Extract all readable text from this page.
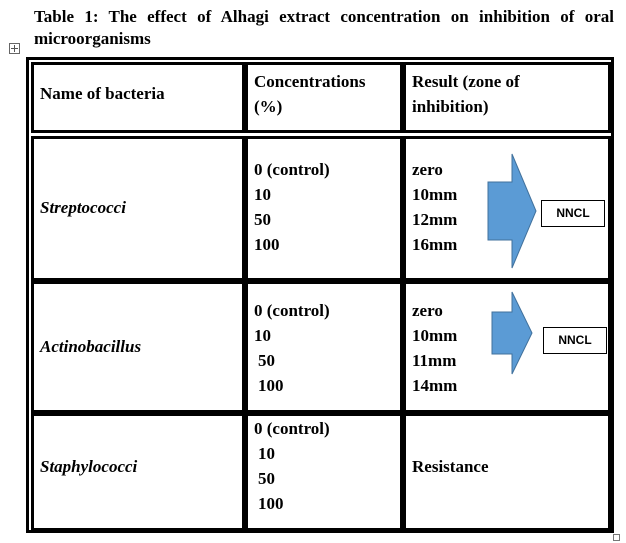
Table 1: The effect of Alhagi extract concentration on inhibition of oral
microorganisms
Name of bacteria
Concentrations
(%)
Result (zone of
inhibition)
Streptococci
0 (control)
10
50
100
zero
10mm
12mm
16mm
Actinobacillus
0 (control)
10
50
100
zero
10mm
11mm
14mm
Staphylococci
0 (control)
10
50
100
Resistance
NNCL
NNCL
